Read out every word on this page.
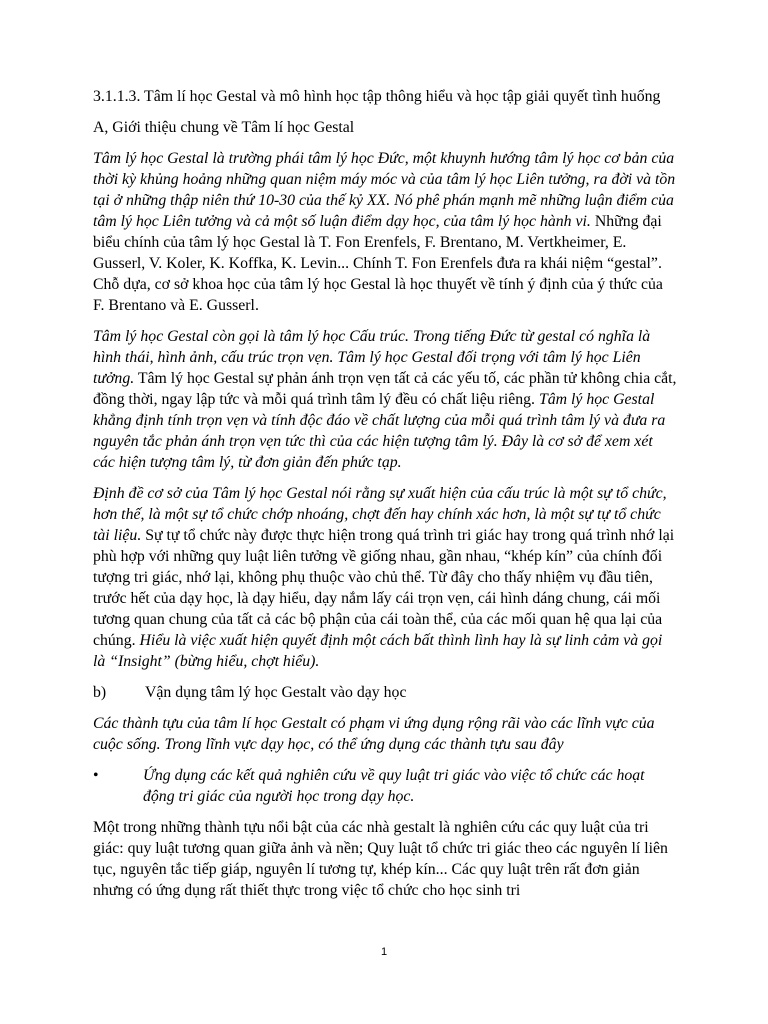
3.1.1.3. Tâm lí học Gestal và mô hình học tập thông hiểu và học tập giải quyết tình huống

A, Giới thiệu chung về Tâm lí học Gestal

Tâm lý học Gestal là trường phái tâm lý học Đức, một khuynh hướng tâm lý học cơ bản của thời kỳ khủng hoảng những quan niệm máy móc và của tâm lý học Liên tưởng, ra đời và tồn tại ở những thập niên thứ 10-30 của thế kỷ XX. Nó phê phán mạnh mẽ những luận điểm của tâm lý học Liên tưởng và cả một số luận điểm dạy học, của tâm lý học hành vi. Những đại biểu chính của tâm lý học Gestal là T. Fon Erenfels, F. Brentano, M. Vertkheimer, E. Gusserl, V. Koler, K. Koffka, K. Levin... Chính T. Fon Erenfels đưa ra khái niệm “gestal”. Chỗ dựa, cơ sở khoa học của tâm lý học Gestal là học thuyết về tính ý định của ý thức của F. Brentano và E. Gusserl.

Tâm lý học Gestal còn gọi là tâm lý học Cấu trúc. Trong tiếng Đức từ gestal có nghĩa là hình thái, hình ảnh, cấu trúc trọn vẹn. Tâm lý học Gestal đối trọng với tâm lý học Liên tưởng. Tâm lý học Gestal sự phản ánh trọn vẹn tất cả các yếu tố, các phần tử không chia cắt, đồng thời, ngay lập tức và mỗi quá trình tâm lý đều có chất liệu riêng. Tâm lý học Gestal khẳng định tính trọn vẹn và tính độc đáo về chất lượng của mỗi quá trình tâm lý và đưa ra nguyên tắc phản ánh trọn vẹn tức thì của các hiện tượng tâm lý. Đây là cơ sở để xem xét các hiện tượng tâm lý, từ đơn giản đến phức tạp.

Định đề cơ sở của Tâm lý học Gestal nói rằng sự xuất hiện của cấu trúc là một sự tổ chức, hơn thế, là một sự tổ chức chớp nhoáng, chợt đến hay chính xác hơn, là một sự tự tổ chức tài liệu. Sự tự tổ chức này được thực hiện trong quá trình tri giác hay trong quá trình nhớ lại phù hợp với những quy luật liên tưởng về giống nhau, gần nhau, “khép kín” của chính đối tượng tri giác, nhớ lại, không phụ thuộc vào chủ thể. Từ đây cho thấy nhiệm vụ đầu tiên, trước hết của dạy học, là dạy hiểu, dạy nắm lấy cái trọn vẹn, cái hình dáng chung, cái mối tương quan chung của tất cả các bộ phận của cái toàn thể, của các mối quan hệ qua lại của chúng. Hiểu là việc xuất hiện quyết định một cách bất thình lình hay là sự linh cảm và gọi là “Insight” (bừng hiểu, chợt hiểu).

b)	Vận dụng tâm lý học Gestalt vào dạy học

Các thành tựu của tâm lí học Gestalt có phạm vi ứng dụng rộng rãi vào các lĩnh vực của cuộc sống. Trong lĩnh vực dạy học, có thể ứng dụng các thành tựu sau đây

•	Ứng dụng các kết quả nghiên cứu về quy luật tri giác vào việc tổ chức các hoạt động tri giác của người học trong dạy học.

Một trong những thành tựu nổi bật của các nhà gestalt là nghiên cứu các quy luật của tri giác: quy luật tương quan giữa ảnh và nền; Quy luật tổ chức tri giác theo các nguyên lí liên tục, nguyên tắc tiếp giáp, nguyên lí tương tự, khép kín... Các quy luật trên rất đơn giản nhưng có ứng dụng rất thiết thực trong việc tổ chức cho học sinh tri

1
